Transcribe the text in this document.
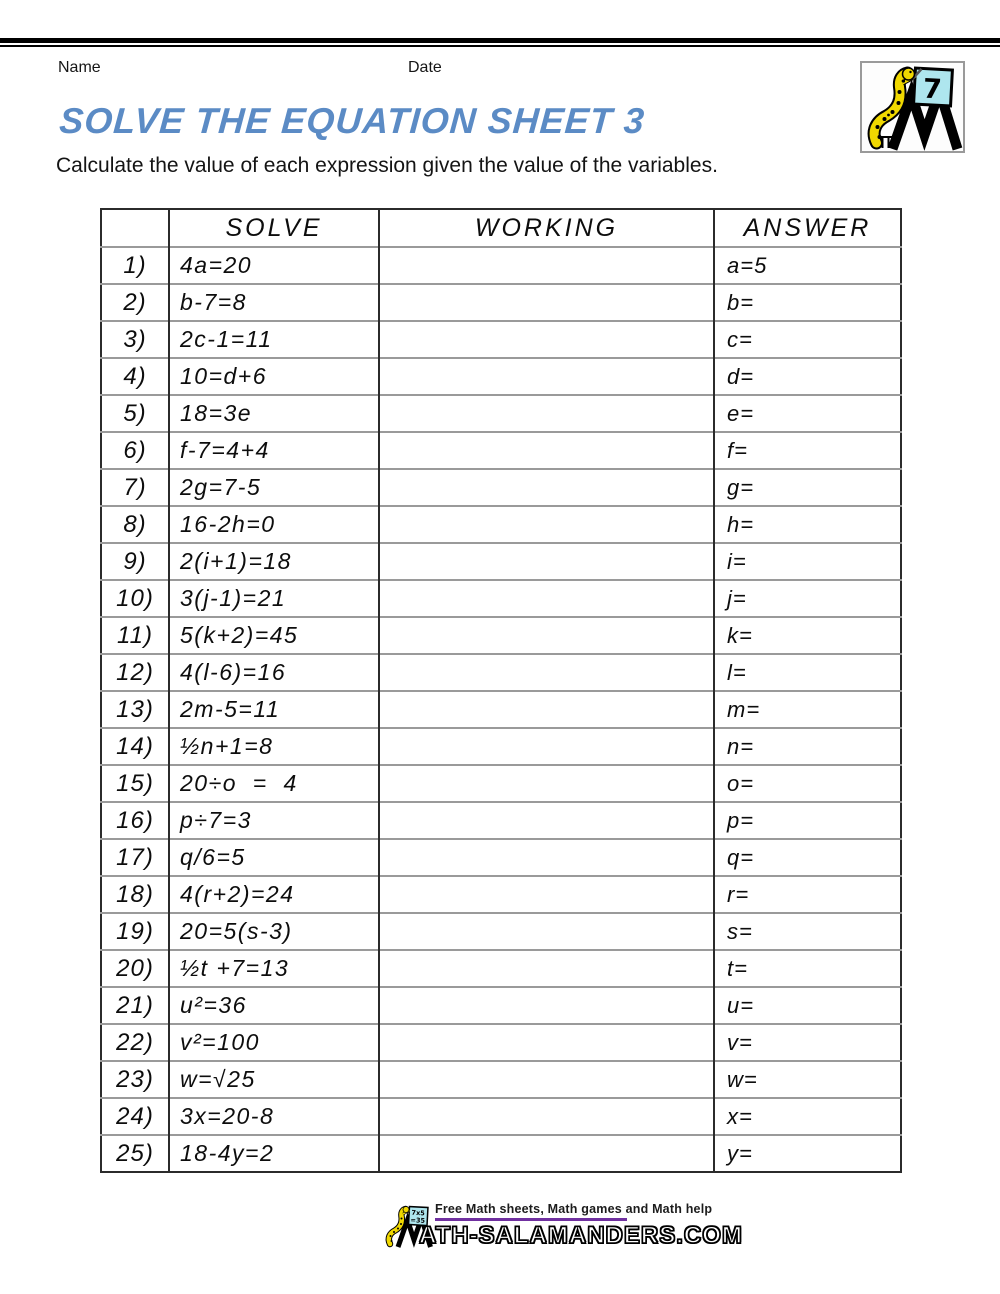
Name	Date
7
SOLVE THE EQUATION SHEET 3
Calculate the value of each expression given the value of the variables.
	SOLVE	WORKING	ANSWER
1)	4a=20		a=5
2)	b-7=8		b=
3)	2c-1=11		c=
4)	10=d+6		d=
5)	18=3e		e=
6)	f-7=4+4		f=
7)	2g=7-5		g=
8)	16-2h=0		h=
9)	2(i+1)=18		i=
10)	3(j-1)=21		j=
11)	5(k+2)=45		k=
12)	4(l-6)=16		l=
13)	2m-5=11		m=
14)	½n+1=8		n=
15)	20÷o  =  4		o=
16)	p÷7=3		p=
17)	q/6=5		q=
18)	4(r+2)=24		r=
19)	20=5(s-3)		s=
20)	½t +7=13		t=
21)	u²=36		u=
22)	v²=100		v=
23)	w=√25		w=
24)	3x=20-8		x=
25)	18-4y=2		y=
7x5
=35
Free Math sheets, Math games and Math help
ATH-SALAMANDERS.COM
